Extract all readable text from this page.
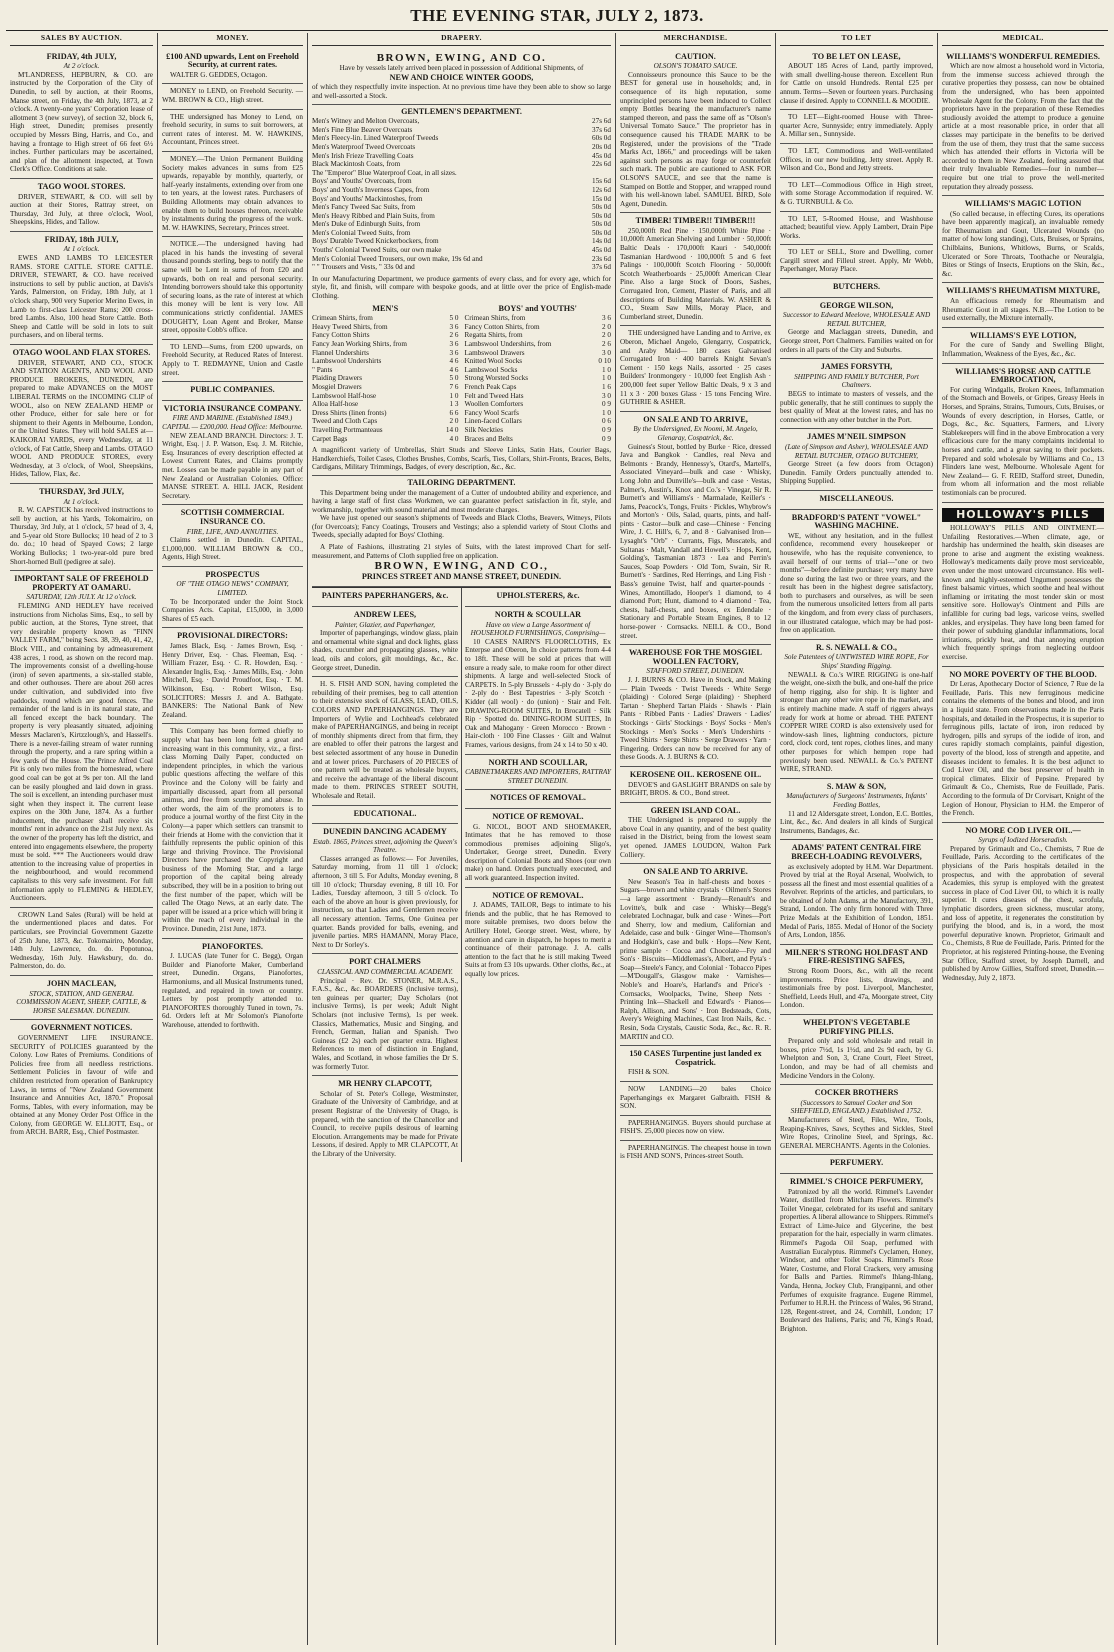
THE EVENING STAR, JULY 2, 1873.
SALES BY AUCTION.
FRIDAY, 4th JULY,
At 2 o'clock.

M'LANDRESS, HEPBURN, & CO. are instructed by the Corporation of the City of Dunedin, to sell by auction, at their Rooms, Manse street, on Friday, the 4th July, 1873, at 2 o'clock. A twenty-one years' Corporation lease of allotment 3 (new survey), of section 32, block 6, High street, Dunedin; premises presently occupied by Messrs Bing, Harris, and Co., and having a frontage to High street of 66 feet 6½ inches. Further particulars may be ascertained, and plan of the allotment inspected, at Town Clerk's Office. Conditions at sale.

TAGO WOOL STORES.

DRIVER, STEWART, & CO. will sell by auction at their Stores, Rattray street, on Thursday, 3rd July, at three o'clock, Wool, Sheepskins, Hides, and Tallow.

FRIDAY, 18th JULY,
At 1 o'clock.

EWES AND LAMBS TO LEICESTER RAMS. STORE CATTLE. STORE CATTLE. DRIVER, STEWART, & CO. have received instructions to sell by public auction, at Davis's Yards, Palmerston, on Friday, 18th July, at 1 o'clock sharp, 900 very Superior Merino Ewes, in Lamb to first-class Leicester Rams; 200 cross-bred Lambs. Also, 100 head Store Cattle. Both Sheep and Cattle will be sold in lots to suit purchasers, and on liberal terms.

OTAGO WOOL AND FLAX STORES.

DRIVER, STEWART, AND CO., STOCK AND STATION AGENTS, AND WOOL AND PRODUCE BROKERS, DUNEDIN, are prepared to make ADVANCES on the MOST LIBERAL TERMS on the INCOMING CLIP of WOOL, also on NEW ZEALAND HEMP or other Produce, either for sale here or for shipment to their Agents in Melbourne, London, or the United States. They will hold SALES at— KAIKORAI YARDS, every Wednesday, at 11 o'clock, of Fat Cattle, Sheep and Lambs. OTAGO WOOL AND PRODUCE STORES, every Wednesday, at 3 o'clock, of Wool, Sheepskins, Hides, Tallow, Flax, &c.

THURSDAY, 3rd JULY,
At 1 o'clock.

R. W. CAPSTICK has received instructions to sell by auction, at his Yards, Tokomairiro, on Thursday, 3rd July, at 1 o'clock, 57 head of 3, 4, and 5-year old Store Bullocks; 10 head of 2 to 3 do. do.; 10 head of Spayed Cows; 2 large Working Bullocks; 1 two-year-old pure bred Short-horned Bull (pedigree at sale).

IMPORTANT SALE OF FREEHOLD PROPERTY AT OAMARU.
SATURDAY, 12th JULY. At 12 o'clock.

FLEMING AND HEDLEY have received instructions from Nicholas Sims, Esq., to sell by public auction, at the Stores, Tyne street, that very desirable property known as "FINN VALLEY FARM," being Secs. 38, 39, 40, 41, 42, Block VIII., and containing by admeasurement 438 acres, 1 rood, as shown on the record map. The improvements consist of a dwelling-house (iron) of seven apartments, a six-stalled stable, and other outhouses. There are about 260 acres under cultivation, and subdivided into five paddocks, round which are good fences. The remainder of the land is in its natural state, and all fenced except the back boundary. The property is very pleasantly situated, adjoining Messrs Maclaren's, Kirtzzlough's, and Hassell's. There is a never-failing stream of water running through the property, and a rare spring within a few yards of the House. The Prince Alfred Coal Pit is only two miles from the homestead, where good coal can be got at 9s per ton. All the land can be easily ploughed and laid down in grass. The soil is excellent, an intending purchaser must sight when they inspect it. The current lease expires on the 30th June, 1874. As a further inducement, the purchaser shall receive six months' rent in advance on the 21st July next. As the owner of the property has left the district, and entered into engagements elsewhere, the property must be sold. *** The Auctioneers would draw attention to the increasing value of properties in the neighbourhood, and would recommend capitalists to this very safe investment. For full information apply to FLEMING & HEDLEY, Auctioneers.

CROWN Land Sales (Rural) will be held at the undermentioned places and dates. For particulars, see Provincial Government Gazette of 25th June, 1873, &c. Tokomairiro, Monday, 14th July. Lawrence, do. do. Popotunoa, Wednesday, 16th July. Hawksbury, do. do. Palmerston, do. do.

JOHN MACLEAN,
STOCK, STATION, AND GENERAL COMMISSION AGENT, SHEEP, CATTLE, & HORSE SALESMAN. DUNEDIN.
GOVERNMENT NOTICES.

GOVERNMENT LIFE INSURANCE. SECURITY of POLICIES guaranteed by the Colony. Low Rates of Premiums. Conditions of Policies free from all needless restrictions. Settlement Policies in favour of wife and children restricted from operation of Bankruptcy Laws, in terms of "New Zealand Government Insurance and Annuities Act, 1870." Proposal Forms, Tables, with every information, may be obtained at any Money Order Post Office in the Colony, from GEORGE W. ELLIOTT, Esq., or from ARCH. BARR, Esq., Chief Postmaster.

MONEY.
£100 AND upwards, Lent on Freehold Security, at current rates.

WALTER G. GEDDES, Octagon.

MONEY to LEND, on Freehold Security. — WM. BROWN & CO., High street.

THE undersigned has Money to Lend, on freehold security, in sums to suit borrowers, at current rates of interest. M. W. HAWKINS, Accountant, Princes street.

MONEY.—The Union Permanent Building Society makes advances in sums from £25 upwards, repayable by monthly, quarterly, or half-yearly instalments, extending over from one to ten years, at the lowest rates. Purchasers of Building Allotments may obtain advances to enable them to build houses thereon, receivable by instalments during the progress of the work. M. W. HAWKINS, Secretary, Princes street.

NOTICE.—The undersigned having had placed in his hands the investing of several thousand pounds sterling, begs to notify that the same will be Lent in sums of from £20 and upwards, both on real and personal security. Intending borrowers should take this opportunity of securing loans, as the rate of interest at which this money will be lent is very low. All communications strictly confidential. JAMES DOUGHTY, Loan Agent and Broker, Manse street, opposite Cobb's office.

TO LEND—Sums, from £200 upwards, on Freehold Security, at Reduced Rates of Interest. Apply to T. REDMAYNE, Union and Castle street.

PUBLIC COMPANIES.
VICTORIA INSURANCE COMPANY.
FIRE AND MARINE. (Established 1849.) CAPITAL — £200,000. Head Office: Melbourne.

NEW ZEALAND BRANCH. Directors: J. T. Wright, Esq. | J. P. Watson, Esq. J. M. Ritchie, Esq. Insurances of every description effected at Lowest Current Rates, and Claims promptly met. Losses can be made payable in any part of New Zealand or Australian Colonies. Office: MANSE STREET. A. HILL JACK, Resident Secretary.

SCOTTISH COMMERCIAL INSURANCE CO.
FIRE, LIFE, AND ANNUITIES.

Claims settled in Dunedin. CAPITAL, £1,000,000. WILLIAM BROWN & CO., Agents, High Street.

PROSPECTUS
OF "THE OTAGO NEWS" COMPANY, LIMITED.

To be Incorporated under the Joint Stock Companies Acts. Capital, £15,000, in 3,000 Shares of £5 each.

PROVISIONAL DIRECTORS:

James Black, Esq. · James Brown, Esq. · Henry Driver, Esq. · Chas. Fleeman, Esq. · William Frazer, Esq. · C. R. Howden, Esq. · Alexander Inglis, Esq. · James Mills, Esq. · John Mitchell, Esq. · David Proudfoot, Esq. · T. M. Wilkinson, Esq. · Robert Wilson, Esq. SOLICITORS: Messrs J. and A. Bathgate. BANKERS: The National Bank of New Zealand.

This Company has been formed chiefly to supply what has been long felt a great and increasing want in this community, viz., a first-class Morning Daily Paper, conducted on independent principles, in which the various public questions affecting the welfare of this Province and the Colony will be fairly and impartially discussed, apart from all personal animus, and free from scurrility and abuse. In other words, the aim of the promoters is to produce a journal worthy of the first City in the Colony—a paper which settlers can transmit to their friends at Home with the conviction that it faithfully represents the public opinion of this large and thriving Province. The Provisional Directors have purchased the Copyright and business of the Morning Star, and a large proportion of the capital being already subscribed, they will be in a position to bring out the first number of the paper, which will be called The Otago News, at an early date. The paper will be issued at a price which will bring it within the reach of every individual in the Province. Dunedin, 21st June, 1873.

PIANOFORTES.

J. LUCAS (late Tuner for C. Begg), Organ Builder and Pianoforte Maker, Cumberland street, Dunedin. Organs, Pianofortes, Harmoniums, and all Musical Instruments tuned, regulated, and repaired in town or country. Letters by post promptly attended to. PIANOFORTES thoroughly Tuned in town, 7s. 6d. Orders left at Mr Solomon's Pianoforte Warehouse, attended to forthwith.

DRAPERY.
BROWN, EWING, AND CO.

Have by vessels lately arrived been placed in possession of Additional Shipments, of

NEW AND CHOICE WINTER GOODS,

of which they respectfully invite inspection. At no previous time have they been able to show so large and well-assorted a Stock.

GENTLEMEN'S DEPARTMENT.
Men's Witney and Melton Overcoats,	27s 6d
Men's Fine Blue Beaver Overcoats	37s 6d
Men's Fleecy-lin. Lined Waterproof Tweeds	60s 0d
Men's Waterproof Tweed Overcoats	20s 0d
Men's Irish Frieze Travelling Coats	45s 0d
Black Mackintosh Coats, from	22s 6d
The "Emperor" Blue Waterproof Coat, in all sizes.
Boys' and Youths' Overcoats, from	15s 6d
Boys' and Youth's Inverness Capes, from	12s 6d
Boys' and Youths' Mackintoshes, from	15s 0d
Men's Fancy Tweed Sac Suits, from	50s 0d
Men's Heavy Ribbed and Plain Suits, from	50s 0d
Men's Duke of Edinburgh Suits, from	50s 0d
Men's Colonial Tweed Suits, from	50s 0d
Boys' Durable Tweed Knickerbockers, from	14s 0d
Youths' Colonial Tweed Suits, our own make	45s 0d
Men's Colonial Tweed Trousers, our own make, 19s 6d and	23s 6d
" " Trousers and Vests, " 33s 0d and	37s 6d

In our Manufacturing Department, we produce garments of every class, and for every age, which for style, fit, and finish, will compare with bespoke goods, and at little over the price of English-made Clothing.

MEN'S
Crimean Shirts, from	5 0
Heavy Tweed Shirts, from	3 6
Fancy Cotton Shirts	2 6
Fancy Jean Working Shirts, from	3 6
Flannel Undershirts	3 6
Lambswool Undershirts	4 6
" Pants	4 6
Plaiding Drawers	5 0
Mosgiel Drawers	7 6
Lambswool Half-hose	1 0
Alloa Half-hose	1 3
Dress Shirts (linen fronts)	6 6
Tweed and Cloth Caps	2 0
Travelling Portmanteaus	14 0
Carpet Bags	4 0
BOYS' and YOUTHS'
Crimean Shirts, from	3 6
Fancy Cotton Shirts, from	2 0
Regatta Shirts, from	2 0
Lambswool Undershirts, from	2 6
Lambswool Drawers	3 0
Knitted Wool Socks	0 10
Lambswool Socks	1 0
Strong Worsted Socks	1 0
French Peak Caps	1 6
Felt and Tweed Hats	3 0
Woollen Comforters	0 9
Fancy Wool Scarfs	1 0
Linen-faced Collars	0 6
Silk Neckties	0 9
Braces and Belts	0 9

A magnificent variety of Umbrellas, Shirt Studs and Sleeve Links, Satin Hats, Courier Bags, Handkerchiefs, Toilet Cases, Clothes Brushes, Combs, Scarfs, Ties, Collars, Shirt-Fronts, Braces, Belts, Cardigans, Military Trimmings, Badges, of every description, &c., &c.

TAILORING DEPARTMENT.

This Department being under the management of a Cutter of undoubted ability and experience, and having a large staff of first class Workmen, we can guarantee perfect satisfaction in fit, style, and workmanship, together with sound material and most moderate charges.

We have just opened our season's shipments of Tweeds and Black Cloths, Beavers, Witneys, Pilots (for Overcoats); Fancy Coatings, Trousers and Vestings; also a splendid variety of Stout Cloths and Tweeds, specially adapted for Boys' Clothing.

A Plate of Fashions, illustrating 21 styles of Suits, with the latest improved Chart for self-measurement, and Patterns of Cloth supplied free on application.

BROWN, EWING, AND CO.,
PRINCES STREET AND MANSE STREET, DUNEDIN.
PAINTERS PAPERHANGERS, &c.
ANDREW LEES,
Painter, Glazier, and Paperhanger,

Importer of paperhangings, window glass, plain and ornamental white signal and dock lights, glass shades, cucumber and propagating glasses, white lead, oils and colors, gilt mouldings, &c., &c. George street, Dunedin.

H. S. FISH AND SON, having completed the rebuilding of their premises, beg to call attention to their extensive stock of GLASS, LEAD, OILS, COLORS AND PAPERHANGINGS. They are Importers of Wylie and Lochhead's celebrated make of PAPERHANGINGS, and being in receipt of monthly shipments direct from that firm, they are enabled to offer their patrons the largest and best selected assortment of any house in Dunedin and at lower prices. Purchasers of 20 PIECES of one pattern will be treated as wholesale buyers, and receive the advantage of the liberal discount made to them. PRINCES STREET SOUTH, Wholesale and Retail.

EDUCATIONAL.
DUNEDIN DANCING ACADEMY
Estab. 1865, Princes street, adjoining the Queen's Theatre.

Classes arranged as follows:— For Juveniles, Saturday morning, from 11 till 1 o'clock; afternoon, 3 till 5. For Adults, Monday evening, 8 till 10 o'clock; Thursday evening, 8 till 10. For Ladies, Tuesday afternoon, 3 till 5 o'clock. To each of the above an hour is given previously, for instruction, so that Ladies and Gentlemen receive all necessary attention. Terms, One Guinea per quarter. Bands provided for balls, evening, and juvenile parties. MRS HAMANN, Moray Place, Next to Dr Sorley's.

PORT CHALMERS
CLASSICAL AND COMMERCIAL ACADEMY.

Principal · Rev. Dr. STONER, M.R.A.S., F.A.S., &c., &c. BOARDERS (inclusive terms), ten guineas per quarter; Day Scholars (not inclusive Terms), 1s per week; Adult Night Scholars (not inclusive Terms), 1s per week. Classics, Mathematics, Music and Singing, and French, German, Italian and Spanish. Two Guineas (£2 2s) each per quarter extra. Highest References to men of distinction in England, Wales, and Scotland, in whose families the Dr S. was formerly Tutor.

MR HENRY CLAPCOTT,

Scholar of St. Peter's College, Westminster, Graduate of the University of Cambridge, and at present Registrar of the University of Otago, is prepared, with the sanction of the Chancellor and Council, to receive pupils desirous of learning Elocution. Arrangements may be made for Private Lessons, if desired. Apply to MR CLAPCOTT, At the Library of the University.

UPHOLSTERERS, &c.
NORTH & SCOULLAR
Have on view a Large Assortment of HOUSEHOLD FURNISHINGS, Comprising—

10 CASES NAIRN'S FLOORCLOTHS, Ex Enterpse and Oberon, In choice patterns from 4-4 to 18ft. These will be sold at prices that will ensure a ready sale, to make room for other direct shipments. A large and well-selected Stock of CARPETS. In 5-ply Brussels · 4-ply do · 3-ply do · 2-ply do · Best Tapestries · 3-ply Scotch · Kidder (all wool) · do (union) · Stair and Felt. DRAWING-ROOM SUITES, In Brocatell · Silk Rip · Spotted do. DINING-ROOM SUITES, In Oak and Mahogany · Green Morocco · Brown · Hair-cloth · 100 Fine Classes · Gilt and Walnut Frames, various designs, from 24 x 14 to 50 x 40.

NORTH AND SCOULLAR,
CABINETMAKERS AND IMPORTERS, RATTRAY STREET DUNEDIN.
NOTICES OF REMOVAL.
NOTICE OF REMOVAL.

G. NICOL, BOOT AND SHOEMAKER, Intimates that he has removed to those commodious premises adjoining Sligo's, Undertaker, George street, Dunedin. Every description of Colonial Boots and Shoes (our own make) on hand. Orders punctually executed, and all work guaranteed. Inspection invited.

NOTICE OF REMOVAL.

J. ADAMS, TAILOR, Begs to intimate to his friends and the public, that he has Removed to more suitable premises, two doors below the Artillery Hotel, George street. West, where, by attention and care in dispatch, he hopes to merit a continuance of their patronage. J. A. calls attention to the fact that he is still making Tweed Suits at from £3 10s upwards. Other cloths, &c., at equally low prices.

MERCHANDISE.
CAUTION.
OLSON'S TOMATO SAUCE.

Connoisseurs pronounce this Sauce to be the BEST for general use in households; and, in consequence of its high reputation, some unprincipled persons have been induced to Collect empty Bottles bearing the manufacturer's name stamped thereon, and pass the same off as "Olson's Universal Tomato Sauce." The proprietor has in consequence caused his TRADE MARK to be Registered, under the provisions of the "Trade Marks Act, 1866," and proceedings will be taken against such persons as may forge or counterfeit such mark. The public are cautioned to ASK FOR OLSON'S SAUCE, and see that the name is Stamped on Bottle and Stopper, and wrapped round with his well-known label. SAMUEL BIRD, Sole Agent, Dunedin.

TIMBER! TIMBER!! TIMBER!!!

250,000ft Red Pine · 150,000ft White Pine · 10,000ft American Shelving and Lumber · 50,000ft Baltic Deals · 170,000ft Kauri · 540,000ft Tasmanian Hardwood · 100,000ft 5 and 6 feet Palings · 100,000ft Scotch Flooring · 50,000ft Scotch Weatherboards · 25,000ft American Clear Pine. Also a large Stock of Doors, Sashes, Corrugated Iron, Cement, Plaster of Paris, and all descriptions of Building Materials. W. ASHER & CO., Steam Saw Mills, Moray Place, and Cumberland street, Dunedin.

THE undersigned have Landing and to Arrive, ex Oberon, Michael Angelo, Glengarry, Cospatrick, and Araby Maid— 180 cases Galvanised Corrugated Iron · 400 barrels Knight Sevan's Cement · 150 kegs Nails, assorted · 25 cases Builders' Ironmongery · 10,000 feet English Ash · 200,000 feet super Yellow Baltic Deals, 9 x 3 and 11 x 3 · 200 boxes Glass · 15 tons Fencing Wire. GUTHRIE & ASHER.

ON SALE AND TO ARRIVE,
By the Undersigned, Ex Noomi, M. Angelo, Glenaray, Cospatrick, &c.

Guiness's Stout, bottled by Burke · Rice, dressed Java and Bangkok · Candles, real Neva and Belmonts · Brandy, Hennessy's, Otard's, Martell's, Associated Vineyard—bulk and case · Whisky, Long John and Dunville's—bulk and case · Vestas, Palmer's, Austin's, Knox and Co.'s · Vinegar, Sir R. Burnett's and Williams's · Marmalade, Keiller's · Jams, Peacock's, Tongs, Fruits · Pickles, Whybrow's and Morton's · Oils, Salad, quarts, pints, and half-pints · Castor—bulk and case—Chinese · Fencing Wire, J. C. Hill's, 6, 7, and 8 · Galvanised Iron—Lysaght's "Orb" · Currants, Figs, Muscatels, and Sultanas · Malt, Vandall and Howell's · Hops, Kent, Golding's, Tasmanian 1873 · Lea and Perrin's Sauces, Soap Powders · Old Tom, Swain, Sir R. Burnett's · Sardines, Red Herrings, and Ling Fish · Bass's genuine Twist, half and quarter-pounds · Wines, Amontillado, Hooper's 1 diamond, to 4 diamond Port; Hunt, diamond to 4 diamond · Tea, chests, half-chests, and boxes, ex Edendale · Stationary and Portable Steam Engines, 8 to 12 horse-power · Cornsacks. NEILL & CO., Bond street.

WAREHOUSE FOR THE MOSGIEL WOOLLEN FACTORY,
STAFFORD STREET, DUNEDIN.

J. J. BURNS & CO. Have in Stock, and Making— Plain Tweeds · Twist Tweeds · White Serge (plaiding) · Colored Serge (plaiding) · Shepherd Tartan · Shepherd Tartan Plaids · Shawls · Plain Pants · Ribbed Pants · Ladies' Drawers · Ladies' Stockings · Girls' Stockings · Boys' Socks · Men's Stockings · Men's Socks · Men's Undershirts · Tweed Shirts · Serge Shirts · Serge Drawers · Yarn · Fingering. Orders can now be received for any of these Goods. A. J. BURNS & CO.

KEROSENE OIL. KEROSENE OIL.

DEVOE'S and GASLIGHT BRANDS on sale by BRIGHT, BROS. & CO., Bond street.

GREEN ISLAND COAL.

THE Undersigned is prepared to supply the above Coal in any quantity, and of the best quality raised in the District, being from the lowest seam yet opened. JAMES LOUDON, Walton Park Colliery.

ON SALE AND TO ARRIVE.

New Season's Tea in half-chests and boxes · Sugars—brown and white crystals · Oilmen's Stores—a large assortment · Brandy—Renault's and Lovitte's, bulk and case · Whisky—Begg's celebrated Lochnagar, bulk and case · Wines—Port and Sherry, low and medium, Californian and Adelaide, case and bulk · Ginger Wine—Thomson's and Hodgkin's, case and bulk · Hops—New Kent, prime sample · Cocoa and Chocolate—Fry and Son's · Biscuits—Middlemass's, Albert, and Pyta's · Soap—Steele's Fancy, and Colonial · Tobacco Pipes—M'Dougall's, Glasgow make · Varnishes—Noble's and Hoare's, Harland's and Price's · Cornsacks, Woolpacks, Twine, Sheep Nets · Printing Ink—Shackell and Edward's · Pianos—Ralph, Allison, and Sons' · Iron Bedsteads, Cots, Avery's Weighing Machines, Cast Iron Nails, &c. · Resin, Soda Crystals, Caustic Soda, &c., &c. R. R. MARTIN and CO.

150 CASES Turpentine just landed ex Cospatrick.

FISH & SON.

NOW LANDING—20 bales Choice Paperhangings ex Margaret Galbraith. FISH & SON.

PAPERHANGINGS. Buyers should purchase at FISH'S. 25,000 pieces now on view.

PAPERHANGINGS. The cheapest house in town is FISH AND SON'S, Princes-street South.

TO LET
TO BE LET ON LEASE,

ABOUT 185 Acres of Land, partly improved, with small dwelling-house thereon. Excellent Run for Cattle on unsold Hundreds. Rental £25 per annum. Terms—Seven or fourteen years. Purchasing clause if desired. Apply to CONNELL & MOODIE.

TO LET—Eight-roomed House with Three-quarter Acre, Sunnyside; entry immediately. Apply A. Millar sen., Sunnyside.

TO LET, Commodious and Well-ventilated Offices, in our new building, Jetty street. Apply R. Wilson and Co., Bond and Jetty streets.

TO LET—Commodious Office in High street, with some Storage Accommodation if required. W. & G. TURNBULL & Co.

TO LET, 5-Roomed House, and Washhouse attached; beautiful view. Apply Lambert, Drain Pipe Works.

TO LET or SELL, Store and Dwelling, corner Cargill street and Filleul street. Apply, Mr Webb, Paperhanger, Moray Place.

BUTCHERS.
GEORGE WILSON,
Successor to Edward Meelove, WHOLESALE AND RETAIL BUTCHER,

George and Maclaggan streets, Dunedin, and George street, Port Chalmers. Families waited on for orders in all parts of the City and Suburbs.

JAMES FORSYTH,
SHIPPING AND FAMILY BUTCHER, Port Chalmers.

BEGS to intimate to masters of vessels, and the public generally, that he still continues to supply the best quality of Meat at the lowest rates, and has no connection with any other butcher in the Port.

JAMES M'NEIL SIMPSON
(Late of Simpson and Asher), WHOLESALE AND RETAIL BUTCHER, OTAGO BUTCHERY,

George Street (a few doors from Octagon) Dunedin. Family Orders punctually attended to. Shipping Supplied.

MISCELLANEOUS.
BRADFORD'S PATENT "VOWEL" WASHING MACHINE.

WE, without any hesitation, and in the fullest confidence, recommend every housekeeper or housewife, who has the requisite convenience, to avail herself of our terms of trial—"one or two months"—before definite purchase; very many have done so during the last two or three years, and the result has been in the highest degree satisfactory, both to purchasers and ourselves, as will be seen from the numerous unsolicited letters from all parts of the kingdom, and from every class of purchasers, in our illustrated catalogue, which may be had post-free on application.

R. S. NEWALL & CO.,
Sole Patentees of UNTWISTED WIRE ROPE, For Ships' Standing Rigging.

NEWALL & Co.'s WIRE RIGGING is one-half the weight, one-sixth the bulk, and one-half the price of hemp rigging, also for ship. It is lighter and stronger than any other wire rope in the market, and is entirely machine made. A staff of riggers always ready for work at home or abroad. THE PATENT COPPER WIRE CORD is also extensively used for window-sash lines, lightning conductors, picture cord, clock cord, tent ropes, clothes lines, and many other purposes for which hempen rope had previously been used. NEWALL & Co.'s PATENT WIRE, STRAND.

S. MAW & SON,
Manufacturers of Surgeons' Instruments, Infants' Feeding Bottles,

11 and 12 Aldersgate street, London, E.C. Bottles, Lint, &c., &c. And dealers in all kinds of Surgical Instruments, Bandages, &c.

ADAMS' PATENT CENTRAL FIRE BREECH-LOADING REVOLVERS,

as exclusively adopted by H.M. War Department. Proved by trial at the Royal Arsenal, Woolwich, to possess all the finest and most essential qualities of a Revolver. Reprints of the articles, and particulars, to be obtained of John Adams, at the Manufactory, 391, Strand, London. The only firm honored with Three Prize Medals at the Exhibition of London, 1851. Medal of Paris, 1855. Medal of Honor of the Society of Arts, London, 1856.

MILNER'S STRONG HOLDFAST AND FIRE-RESISTING SAFES,

Strong Room Doors, &c., with all the recent improvements. Price lists, drawings, and testimonials free by post. Liverpool, Manchester, Sheffield, Leeds Hull, and 47a, Moorgate street, City London.

WHELPTON'S VEGETABLE PURIFYING PILLS.

Prepared only and sold wholesale and retail in boxes, price 7½d, 1s 1½d, and 2s 9d each, by G. Whelpton and Son, 3, Crane Court, Fleet Street, London, and may be had of all chemists and Medicine Vendors in the Colony.

COCKER BROTHERS
(Successors to Samuel Cocker and Son SHEFFIELD, ENGLAND.) Established 1752.

Manufacturers of Steel, Files, Wire, Tools, Reaping-Knives, Saws, Scythes and Sickles, Steel Wire Ropes, Crinoline Steel, and Springs, &c. GENERAL MERCHANTS. Agents in the Colonies.

PERFUMERY.
RIMMEL'S CHOICE PERFUMERY,

Patronized by all the world. Rimmel's Lavender Water, distilled from Mitcham Flowers. Rimmel's Toilet Vinegar, celebrated for its useful and sanitary properties. A liberal allowance to Shippers. Rimmel's Extract of Lime-Juice and Glycerine, the best preparation for the hair, especially in warm climates. Rimmel's Pagoda Oil Soap, perfumed with Australian Eucalyptus. Rimmel's Cyclamen, Honey, Windsor, and other Toilet Soaps. Rimmel's Rose Water, Costume, and Floral Crackers, very amusing for Balls and Parties. Rimmel's Ihlang-Ihlang, Vanda, Henna, Jockey Club, Frangipanni, and other Perfumes of exquisite fragrance. Eugene Rimmel, Perfumer to H.R.H. the Princess of Wales, 96 Strand, 128, Regent-street, and 24, Cornhill, London; 17 Boulevard des Italiens, Paris; and 76, King's Road, Brighton.

MEDICAL.
WILLIAMS'S WONDERFUL REMEDIES.

Which are now almost a household word in Victoria, from the immense success achieved through the curative properties they possess, can now be obtained from the undersigned, who has been appointed Wholesale Agent for the Colony. From the fact that the proprietors have in the preparation of these Remedies studiously avoided the attempt to produce a genuine article at a most reasonable price, in order that all classes may participate in the benefits to be derived from the use of them, they trust that the same success which has attended their efforts in Victoria will be accorded to them in New Zealand, feeling assured that their truly Invaluable Remedies—four in number—require but one trial to prove the well-merited reputation they already possess.

WILLIAMS'S MAGIC LOTION

(So called because, in effecting Cures, its operations have been apparently magical), an invaluable remedy for Rheumatism and Gout, Ulcerated Wounds (no matter of how long standing), Cuts, Bruises, or Sprains, Chilblains, Bunions, Whitlows, Burns, or Scalds, Ulcerated or Sore Throats, Toothache or Neuralgia, Bites or Stings of Insects, Eruptions on the Skin, &c., &c.

WILLIAMS'S RHEUMATISM MIXTURE,

An efficacious remedy for Rheumatism and Rheumatic Gout in all stages. N.B.—The Lotion to be used externally, the Mixture internally.

WILLIAMS'S EYE LOTION,

For the cure of Sandy and Swelling Blight, Inflammation, Weakness of the Eyes, &c., &c.

WILLIAMS'S HORSE AND CATTLE EMBROCATION,

For curing Windgalls, Broken Knees, Inflammation of the Stomach and Bowels, or Gripes, Greasy Heels in Horses, and Sprains, Strains, Tumours, Cuts, Bruises, or Wounds of every description, in Horses, Cattle, or Dogs, &c., &c. Squatters, Farmers, and Livery Stablekeepers will find in the above Embrocation a very efficacious cure for the many complaints incidental to horses and cattle, and a great saving to their pockets. Prepared and sold wholesale by Williams and Co., 13 Flinders lane west, Melbourne. Wholesale Agent for New Zealand— G. F. REID, Stafford street, Dunedin, from whom all information and the most reliable testimonials can be procured.

HOLLOWAY'S PILLS

HOLLOWAY'S PILLS AND OINTMENT.—Unfailing Restoratives.—When climate, age, or hardship has undermined the health, skin diseases are prone to arise and augment the existing weakness. Holloway's medicaments daily prove most serviceable, even under the most untoward circumstance. His well-known and highly-esteemed Ungument possesses the finest balsamic virtues, which soothe and heal without inflaming or irritating the most tender skin or most sensitive sore. Holloway's Ointment and Pills are infallible for curing bad legs, varicose veins, swelled ankles, and erysipelas. They have long been famed for their power of subduing glandular inflammations, local irritations, prickly heat, and that annoying eruption which frequently springs from neglecting outdoor exercise.

NO MORE POVERTY OF THE BLOOD.

Dr Leras, Apothecary Doctor of Science, 7 Rue de la Feuillade, Paris. This new ferruginous medicine contains the elements of the bones and blood, and iron in a liquid state. From observations made in the Paris hospitals, and detailed in the Prospectus, it is superior to ferruginous pills, lactate of iron, iron reduced by hydrogen, pills and syrups of the iodide of iron, and cures rapidly stomach complaints, painful digestion, poverty of the blood, loss of strength and appetite, and diseases incident to females. It is the best adjunct to Cod Liver Oil, and the best preserver of health in tropical climates. Elixir of Pepsine. Prepared by Grimault & Co., Chemists, Rue de Feuillade, Paris. According to the formula of Dr Corvisart, Knight of the Legion of Honour, Physician to H.M. the Emperor of the French.

NO MORE COD LIVER OIL.—
Syrups of Iodized Horseradish.

Prepared by Grimault and Co., Chemists, 7 Rue de Feuillade, Paris. According to the certificates of the physicians of the Paris hospitals detailed in the prospectus, and with the approbation of several Academies, this syrup is employed with the greatest success in place of Cod Liver Oil, to which it is really superior. It cures diseases of the chest, scrofula, lymphatic disorders, green sickness, muscular atony, and loss of appetite, it regenerates the constitution by purifying the blood, and is, in a word, the most powerful depurative known. Proprietor, Grimault and Co., Chemists, 8 Rue de Feuillade, Paris. Printed for the Proprietor, at his registered Printing-house, the Evening Star Office, Stafford street, by Joseph Darnell, and published by Arrow Gillies, Stafford street, Dunedin.—Wednesday, July 2, 1873.
